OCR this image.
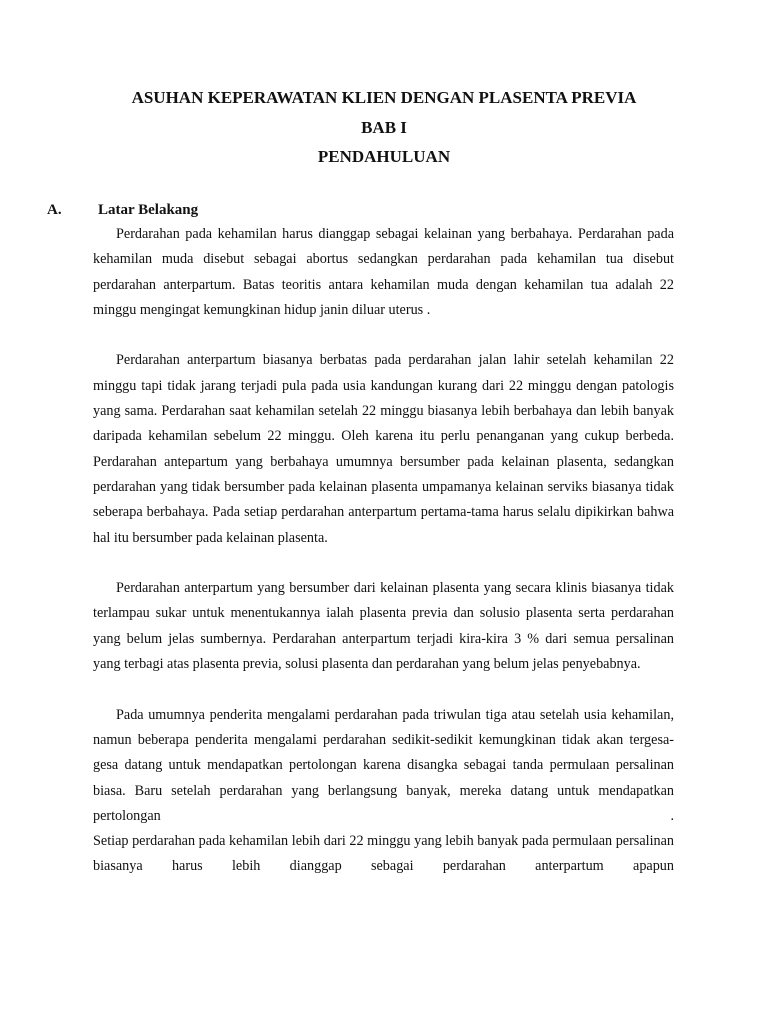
ASUHAN KEPERAWATAN KLIEN DENGAN PLASENTA PREVIA
BAB I
PENDAHULUAN
A. Latar Belakang

Perdarahan pada kehamilan harus dianggap sebagai kelainan yang berbahaya. Perdarahan pada kehamilan muda disebut sebagai abortus sedangkan perdarahan pada kehamilan tua disebut perdarahan anterpartum. Batas teoritis antara kehamilan muda dengan kehamilan tua adalah 22 minggu mengingat kemungkinan hidup janin diluar uterus .

Perdarahan anterpartum biasanya berbatas pada perdarahan jalan lahir setelah kehamilan 22 minggu tapi tidak jarang terjadi pula pada usia kandungan kurang dari 22 minggu dengan patologis yang sama. Perdarahan saat kehamilan setelah 22 minggu biasanya lebih berbahaya dan lebih banyak daripada kehamilan sebelum 22 minggu. Oleh karena itu perlu penanganan yang cukup berbeda. Perdarahan antepartum yang berbahaya umumnya bersumber pada kelainan plasenta, sedangkan perdarahan yang tidak bersumber pada kelainan plasenta umpamanya kelainan serviks biasanya tidak seberapa berbahaya. Pada setiap perdarahan anterpartum pertama-tama harus selalu dipikirkan bahwa hal itu bersumber pada kelainan plasenta.

Perdarahan anterpartum yang bersumber dari kelainan plasenta yang secara klinis biasanya tidak terlampau sukar untuk menentukannya ialah plasenta previa dan solusio plasenta serta perdarahan yang belum jelas sumbernya. Perdarahan anterpartum terjadi kira-kira 3 % dari semua persalinan yang terbagi atas plasenta previa, solusi plasenta dan perdarahan yang belum jelas penyebabnya.

Pada umumnya penderita mengalami perdarahan pada triwulan tiga atau setelah usia kehamilan, namun beberapa penderita mengalami perdarahan sedikit-sedikit kemungkinan tidak akan tergesa-gesa datang untuk mendapatkan pertolongan karena disangka sebagai tanda permulaan persalinan biasa. Baru setelah perdarahan yang berlangsung banyak, mereka datang untuk mendapatkan pertolongan .

Setiap perdarahan pada kehamilan lebih dari 22 minggu yang lebih banyak pada permulaan persalinan biasanya harus lebih dianggap sebagai perdarahan anterpartum apapun
